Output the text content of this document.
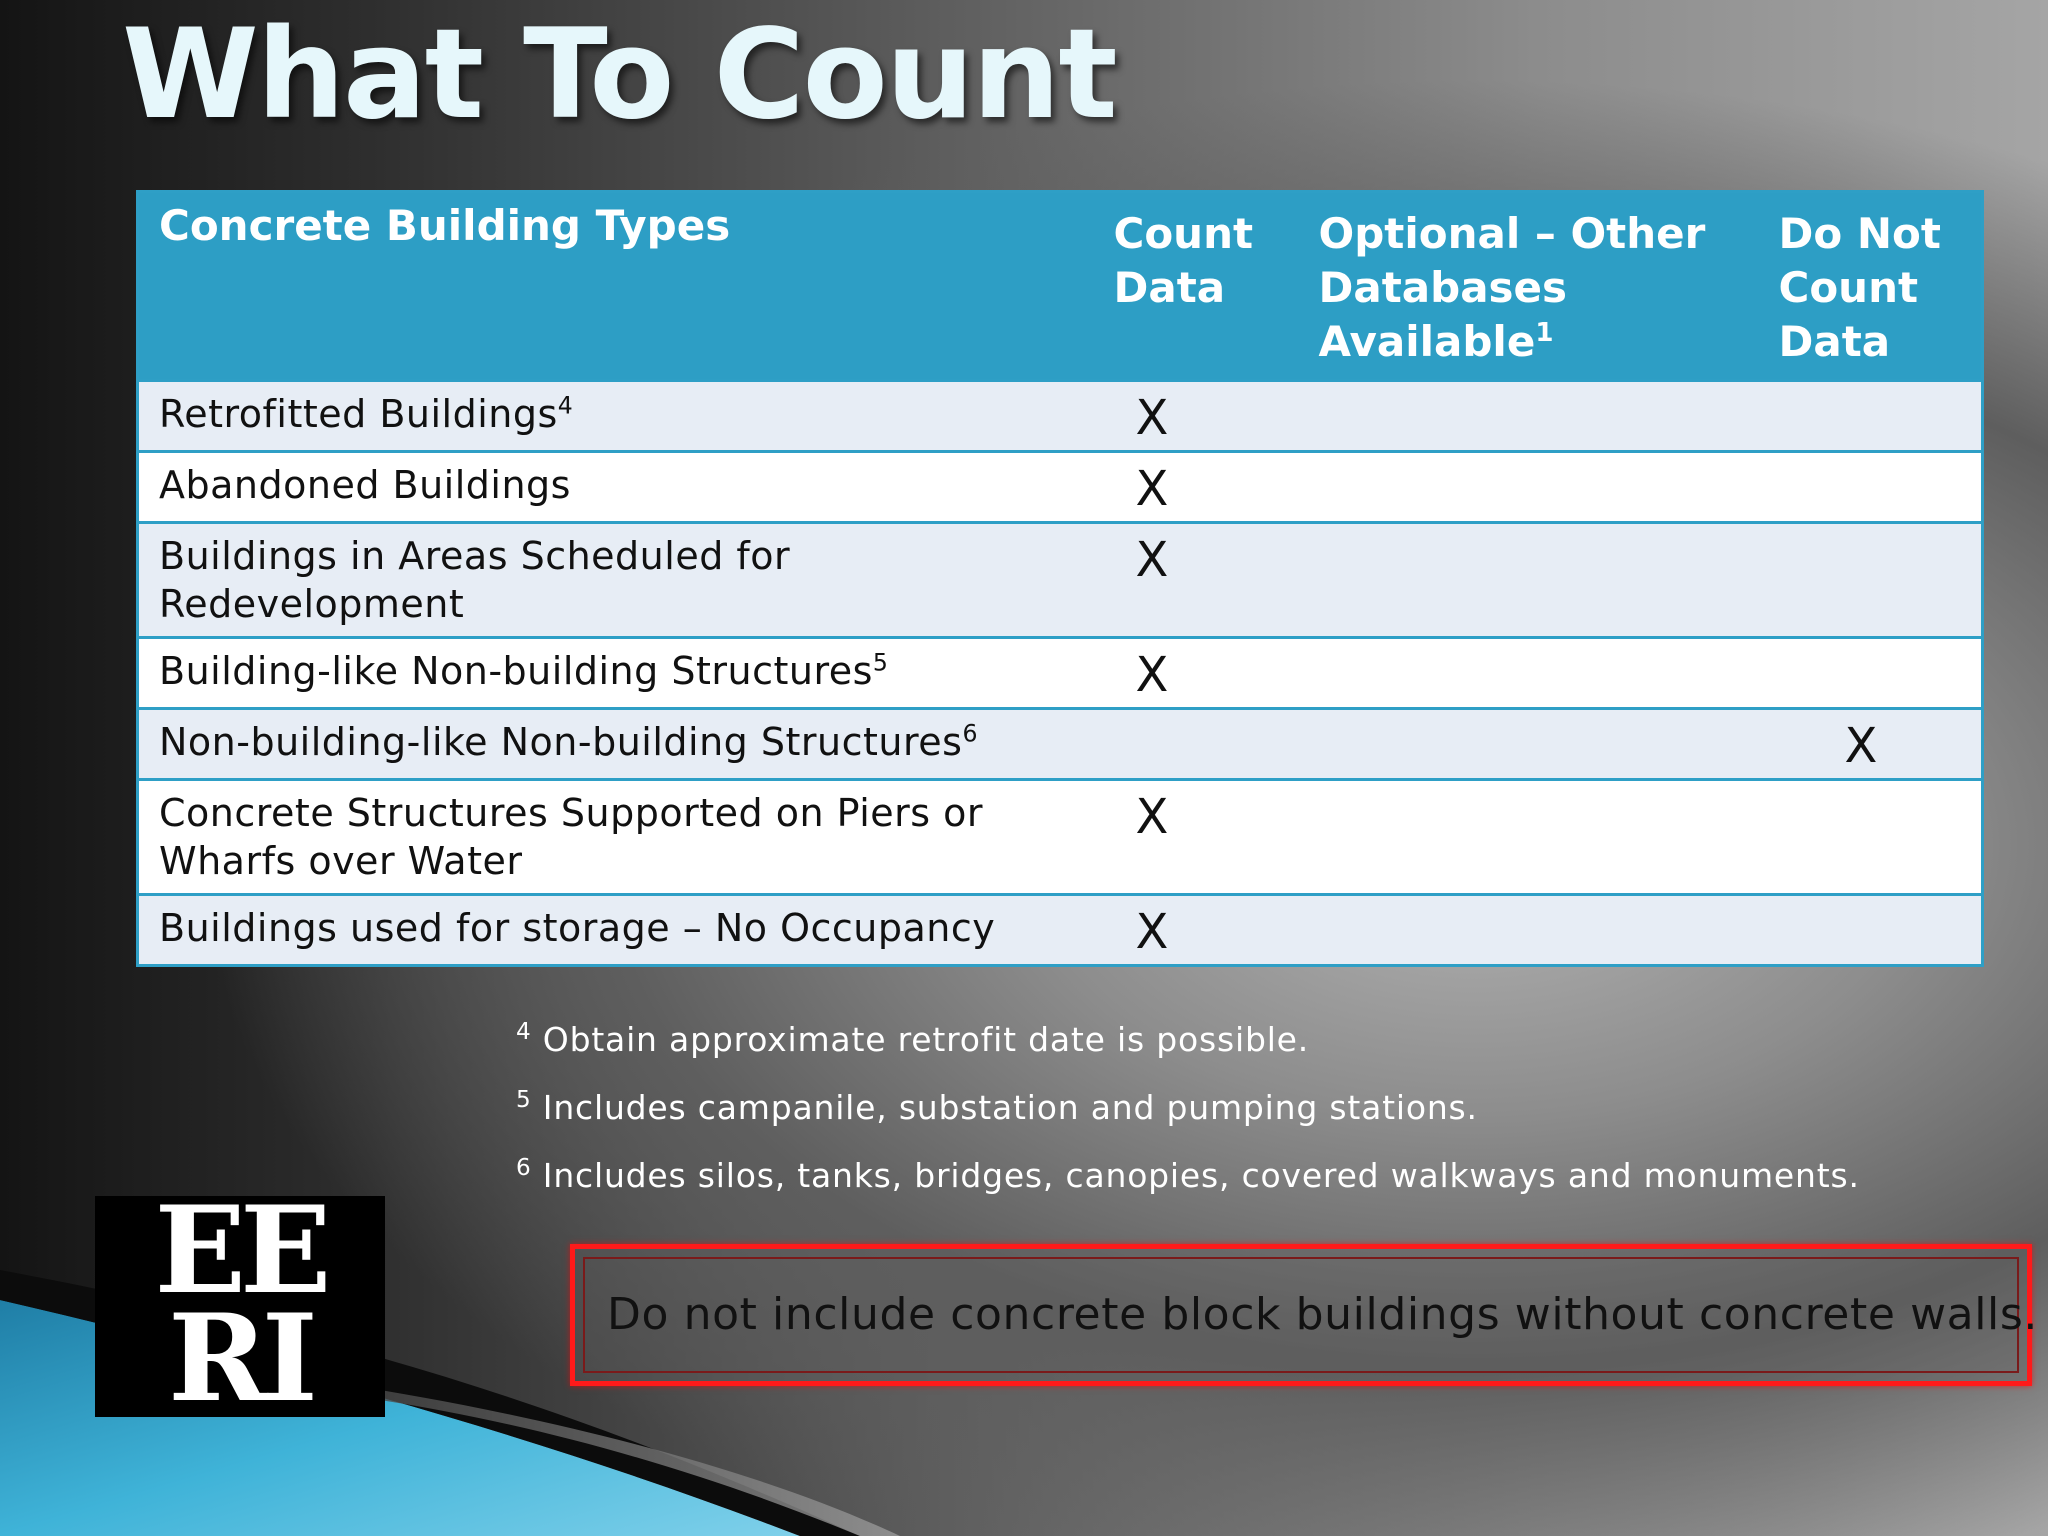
What To Count
Concrete Building Types	Count Data	Optional – Other Databases Available$^1$	Do Not Count Data
Retrofitted Buildings$^4$	X		
Abandoned Buildings	X		
Buildings in Areas Scheduled for Redevelopment	X		
Building-like Non-building Structures$^5$	X		
Non-building-like Non-building Structures$^6$			X
Concrete Structures Supported on Piers or Wharfs over Water	X		
Buildings used for storage – No Occupancy	X		

$^4$ Obtain approximate retrofit date is possible.

$^5$ Includes campanile, substation and pumping stations.

$^6$ Includes silos, tanks, bridges, canopies, covered walkways and monuments.

EE
RI	Do not include concrete block buildings without concrete walls.
